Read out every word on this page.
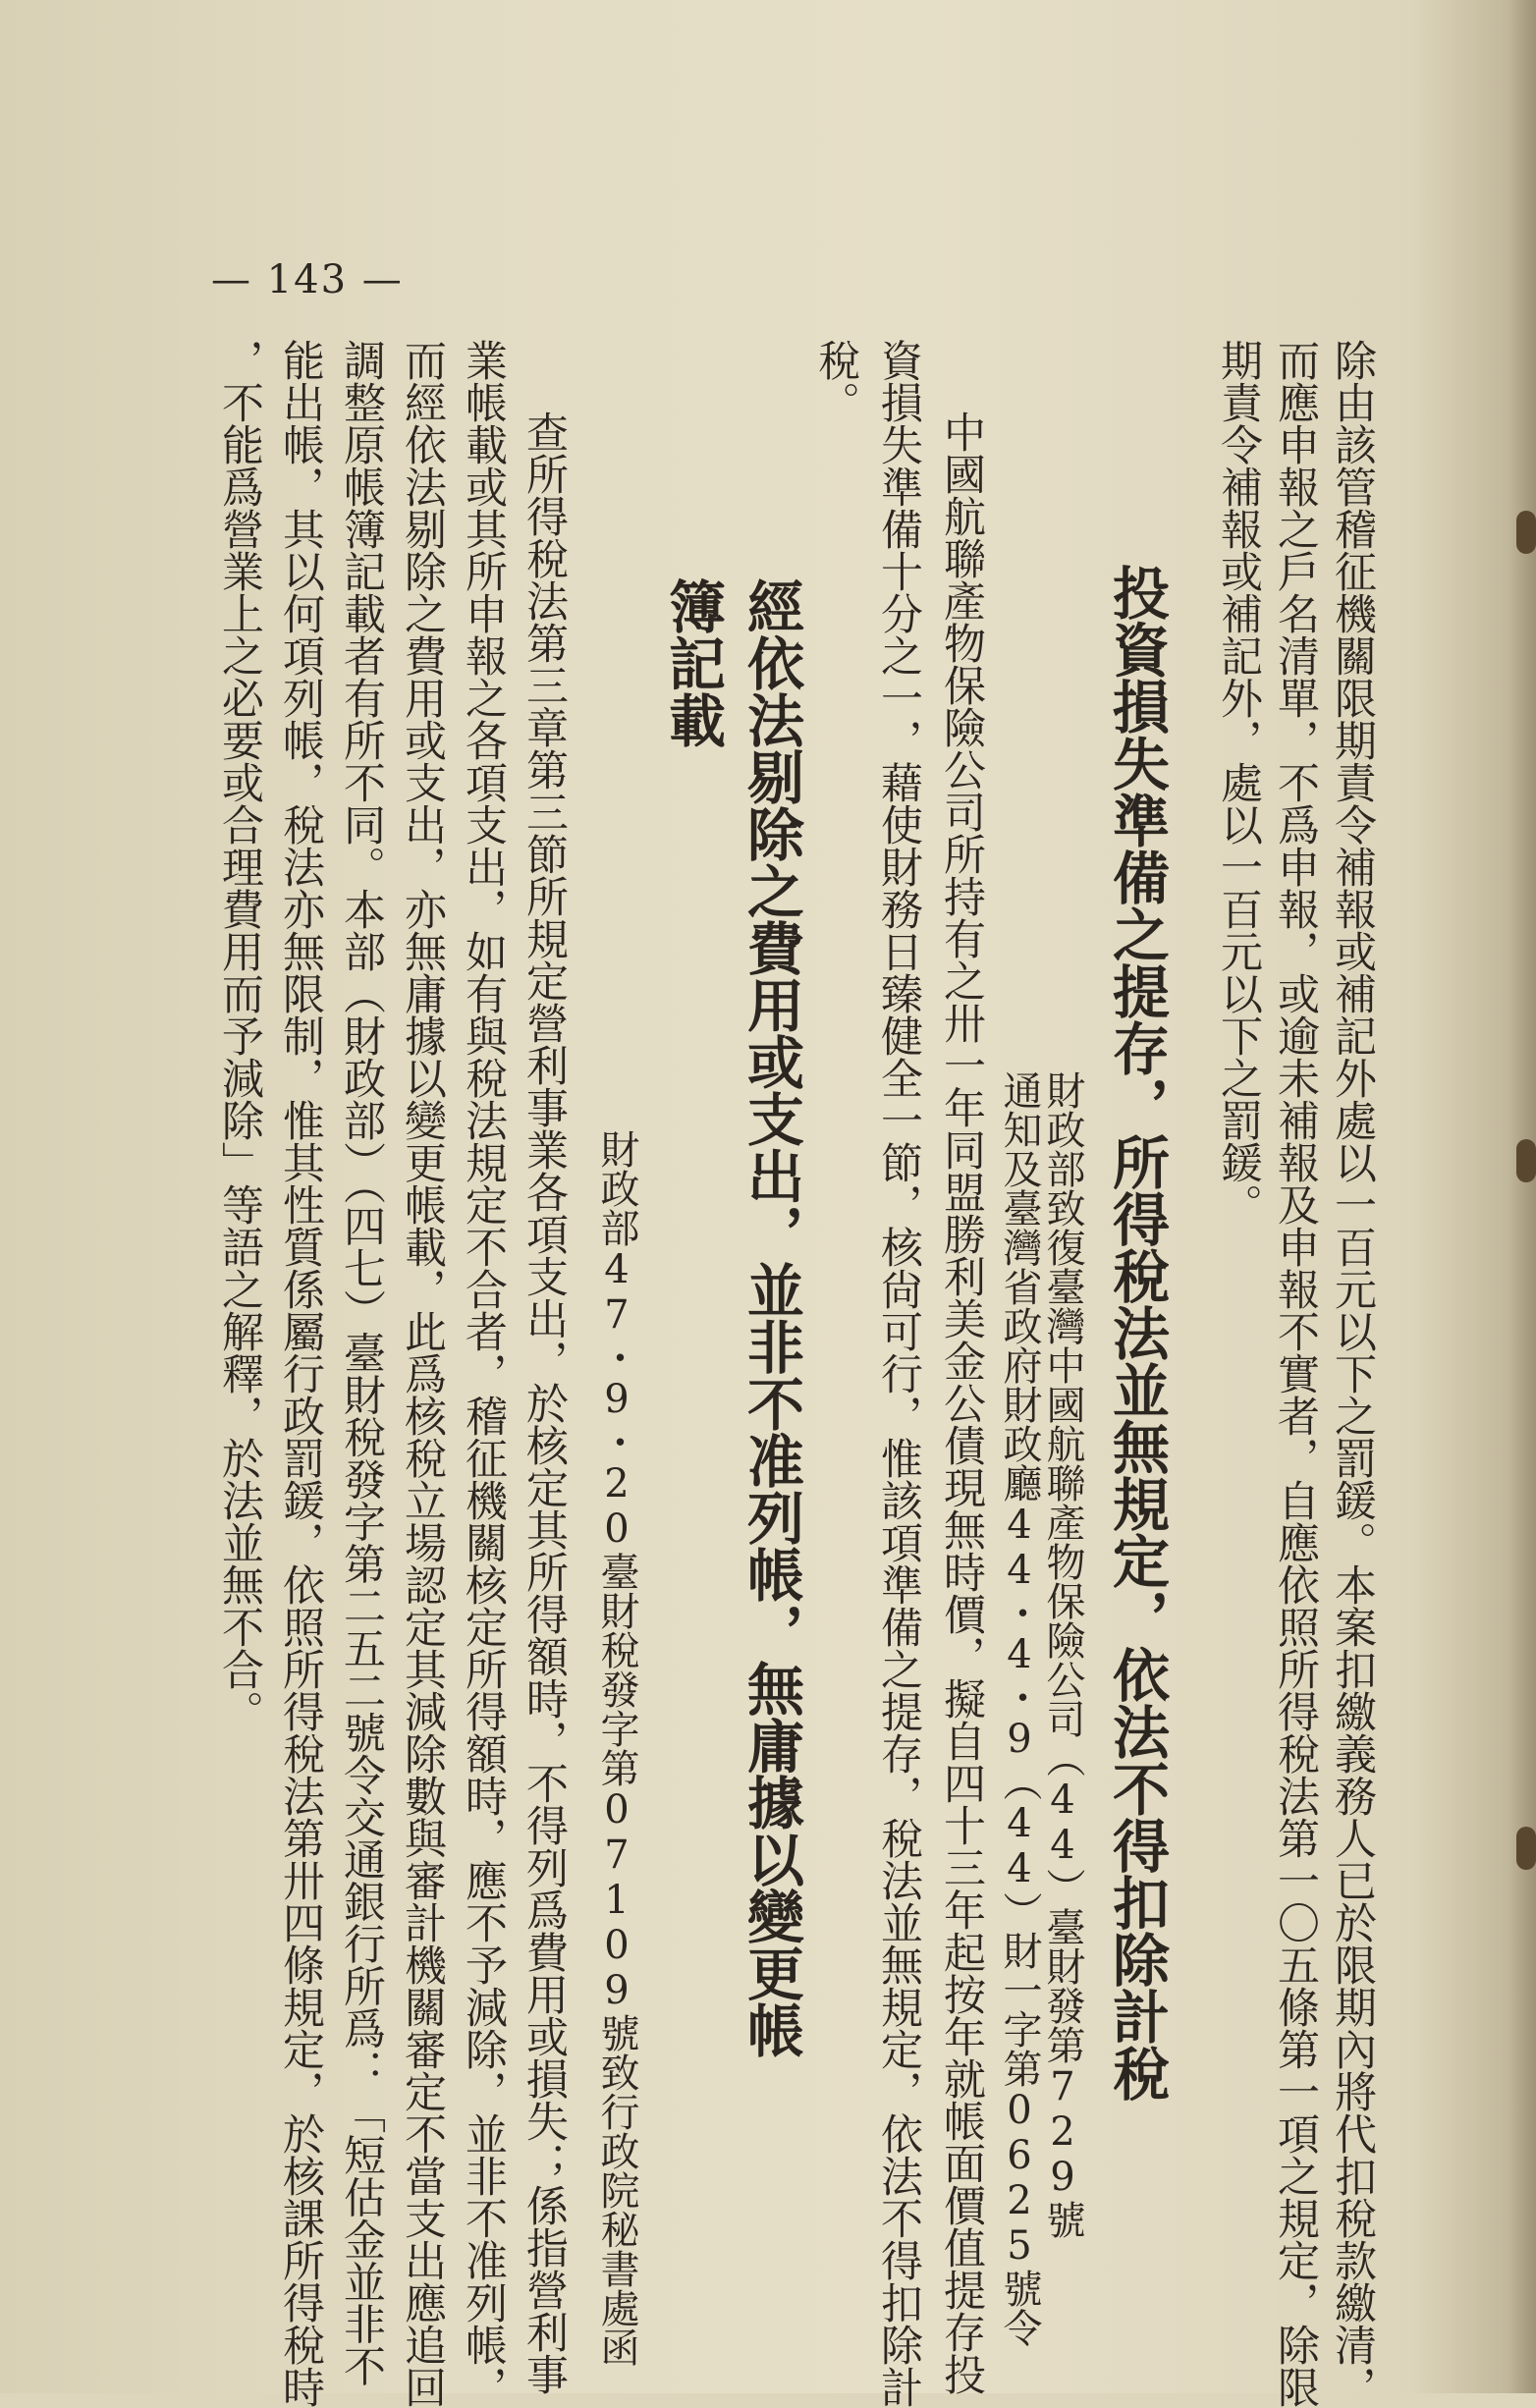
— 143 —
除由該管稽征機關限期責令補報或補記外處以一百元以下之罰鍰。本案扣繳義務人已於限期內將代扣稅款繳清，
而應申報之戶名清單，不爲申報，或逾未補報及申報不實者，自應依照所得稅法第一〇五條第一項之規定，除限
期責令補報或補記外，處以一百元以下之罰鍰。
投資損失準備之提存，所得稅法並無規定，依法不得扣除計稅
財政部致復臺灣中國航聯產物保險公司（44）臺財發第729號
通知及臺灣省政府財政廳44・4・9（44）財一字第0625號令
中國航聯產物保險公司所持有之卅一年同盟勝利美金公債現無時價，擬自四十三年起按年就帳面價值提存投
資損失準備十分之一，藉使財務日臻健全一節，核尙可行，惟該項準備之提存，稅法並無規定，依法不得扣除計
稅。
經依法剔除之費用或支出，並非不准列帳，無庸據以變更帳
簿記載
財政部47・9・20臺財稅發字第07109號致行政院秘書處函
查所得稅法第三章第三節所規定營利事業各項支出，於核定其所得額時，不得列爲費用或損失；係指營利事
業帳載或其所申報之各項支出，如有與稅法規定不合者，稽征機關核定所得額時，應不予減除，並非不准列帳，
而經依法剔除之費用或支出，亦無庸據以變更帳載，此爲核稅立場認定其減除數與審計機關審定不當支出應追回
調整原帳簿記載者有所不同。本部（財政部）（四七）臺財稅發字第二五二號令交通銀行所爲：「短估金並非不
能出帳，其以何項列帳，稅法亦無限制，惟其性質係屬行政罰鍰，依照所得稅法第卅四條規定，於核課所得稅時
，不能爲營業上之必要或合理費用而予減除」等語之解釋，於法並無不合。
